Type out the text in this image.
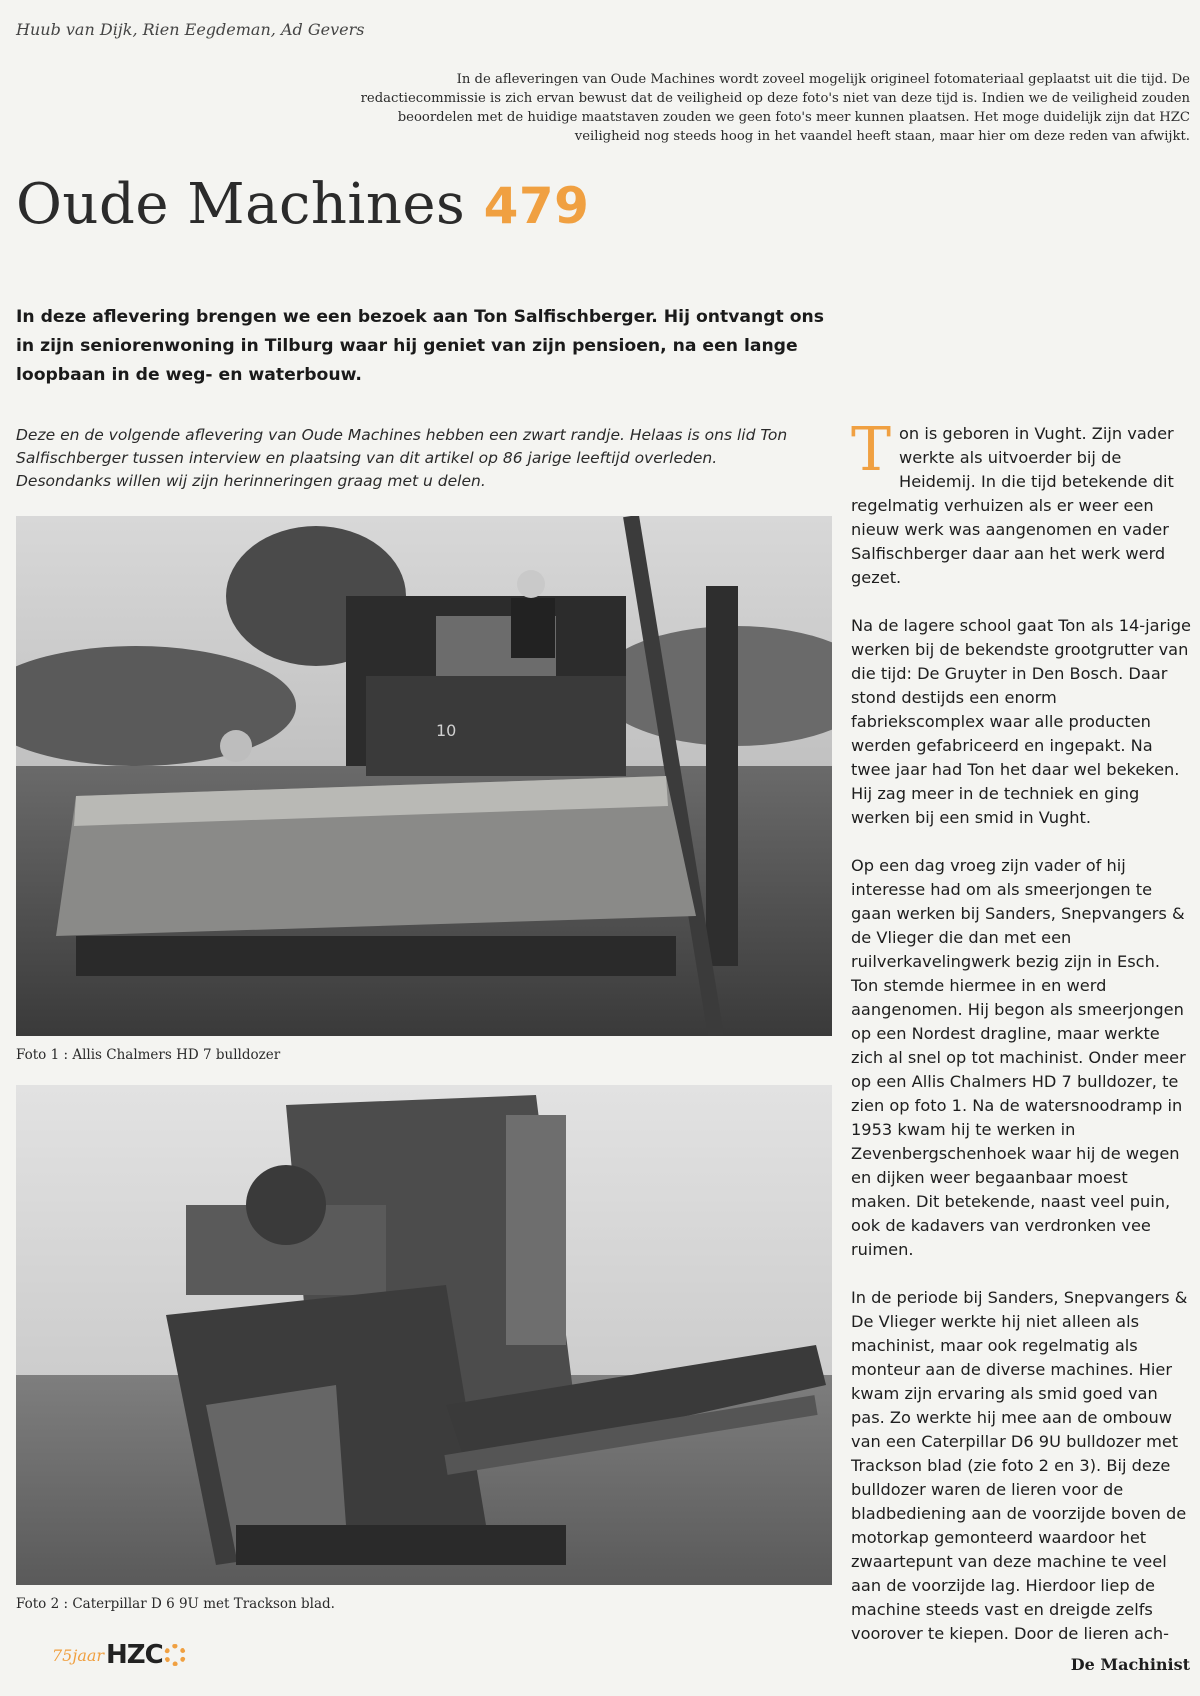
Huub van Dijk, Rien Eegdeman, Ad Gevers
In de afleveringen van Oude Machines wordt zoveel mogelijk origineel fotomateriaal geplaatst uit die tijd. De redactiecommissie is zich ervan bewust dat de veiligheid op deze foto's niet van deze tijd is. Indien we de veiligheid zouden beoordelen met de huidige maatstaven zouden we geen foto's meer kunnen plaatsen. Het moge duidelijk zijn dat HZC veiligheid nog steeds hoog in het vaandel heeft staan, maar hier om deze reden van afwijkt.
Oude Machines 479
In deze aflevering brengen we een bezoek aan Ton Salfischberger. Hij ontvangt ons in zijn seniorenwoning in Tilburg waar hij geniet van zijn pensioen, na een lange loopbaan in de weg- en waterbouw.
Deze en de volgende aflevering van Oude Machines hebben een zwart randje. Helaas is ons lid Ton Salfischberger tussen interview en plaatsing van dit artikel op 86 jarige leeftijd overleden. Desondanks willen wij zijn herinneringen graag met u delen.
10
Foto 1 : Allis Chalmers HD 7 bulldozer
Foto 2 : Caterpillar D 6 9U met Trackson blad.

Ton is geboren in Vught. Zijn vader werkte als uitvoerder bij de Heidemij. In die tijd betekende dit regelmatig verhuizen als er weer een nieuw werk was aangenomen en vader Salfischberger daar aan het werk werd gezet.

Na de lagere school gaat Ton als 14-jarige werken bij de bekendste grootgrutter van die tijd: De Gruyter in Den Bosch. Daar stond destijds een enorm fabriekscomplex waar alle producten werden gefabriceerd en ingepakt. Na twee jaar had Ton het daar wel bekeken. Hij zag meer in de techniek en ging werken bij een smid in Vught.

Op een dag vroeg zijn vader of hij interesse had om als smeerjongen te gaan werken bij Sanders, Snepvangers & de Vlieger die dan met een ruilverkavelingwerk bezig zijn in Esch. Ton stemde hiermee in en werd aangenomen. Hij begon als smeerjongen op een Nordest dragline, maar werkte zich al snel op tot machinist. Onder meer op een Allis Chalmers HD 7 bulldozer, te zien op foto 1. Na de watersnoodramp in 1953 kwam hij te werken in Zevenbergschenhoek waar hij de wegen en dijken weer begaanbaar moest maken. Dit betekende, naast veel puin, ook de kadavers van verdronken vee ruimen.

In de periode bij Sanders, Snepvangers & De Vlieger werkte hij niet alleen als machinist, maar ook regelmatig als monteur aan de diverse machines. Hier kwam zijn ervaring als smid goed van pas. Zo werkte hij mee aan de ombouw van een Caterpillar D6 9U bulldozer met Trackson blad (zie foto 2 en 3). Bij deze bulldozer waren de lieren voor de bladbediening aan de voorzijde boven de motorkap gemonteerd waardoor het zwaartepunt van deze machine te veel aan de voorzijde lag. Hierdoor liep de machine steeds vast en dreigde zelfs voorover te kiepen. Door de lieren ach-

75jaar HZC	De Machinist
